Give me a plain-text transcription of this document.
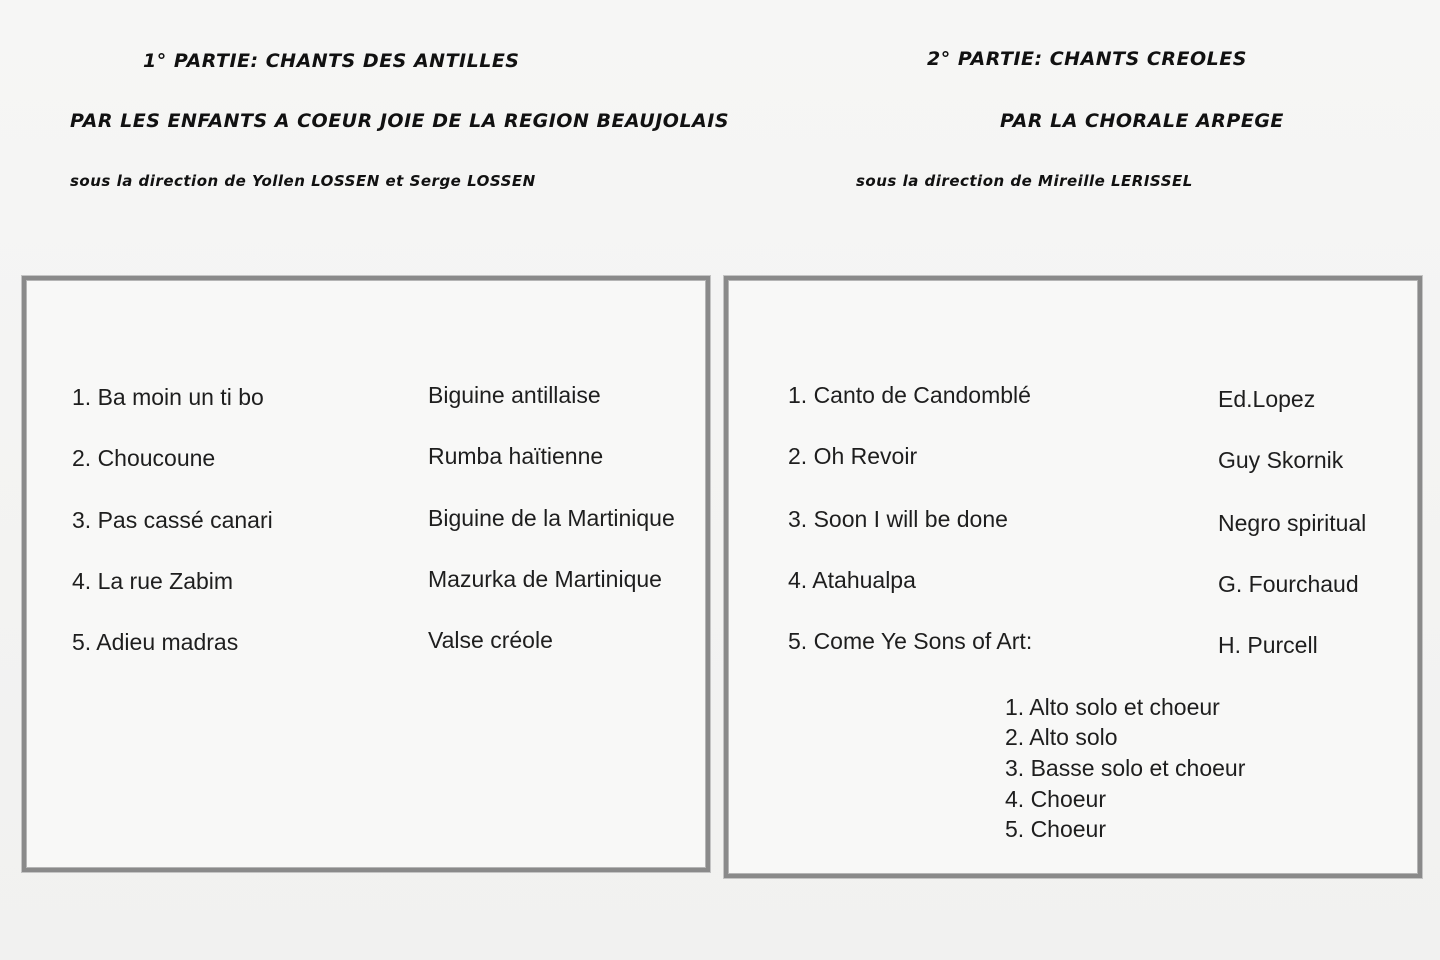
1° PARTIE: CHANTS DES ANTILLES
PAR LES ENFANTS A COEUR JOIE DE LA REGION BEAUJOLAIS
sous la direction de Yollen LOSSEN et Serge LOSSEN
2° PARTIE: CHANTS CREOLES
PAR LA CHORALE ARPEGE
sous la direction de Mireille LERISSEL
1. Ba moin un ti bo	Biguine antillaise
2. Choucoune	Rumba haïtienne
3. Pas cassé canari	Biguine de la Martinique
4. La rue Zabim	Mazurka de Martinique
5. Adieu madras	Valse créole
1. Canto de Candomblé	Ed.Lopez
2. Oh Revoir	Guy Skornik
3. Soon I will be done	Negro spiritual
4. Atahualpa	G. Fourchaud
5. Come Ye Sons of Art:	H. Purcell
1. Alto solo et choeur
2. Alto solo
3. Basse solo et choeur
4. Choeur
5. Choeur
